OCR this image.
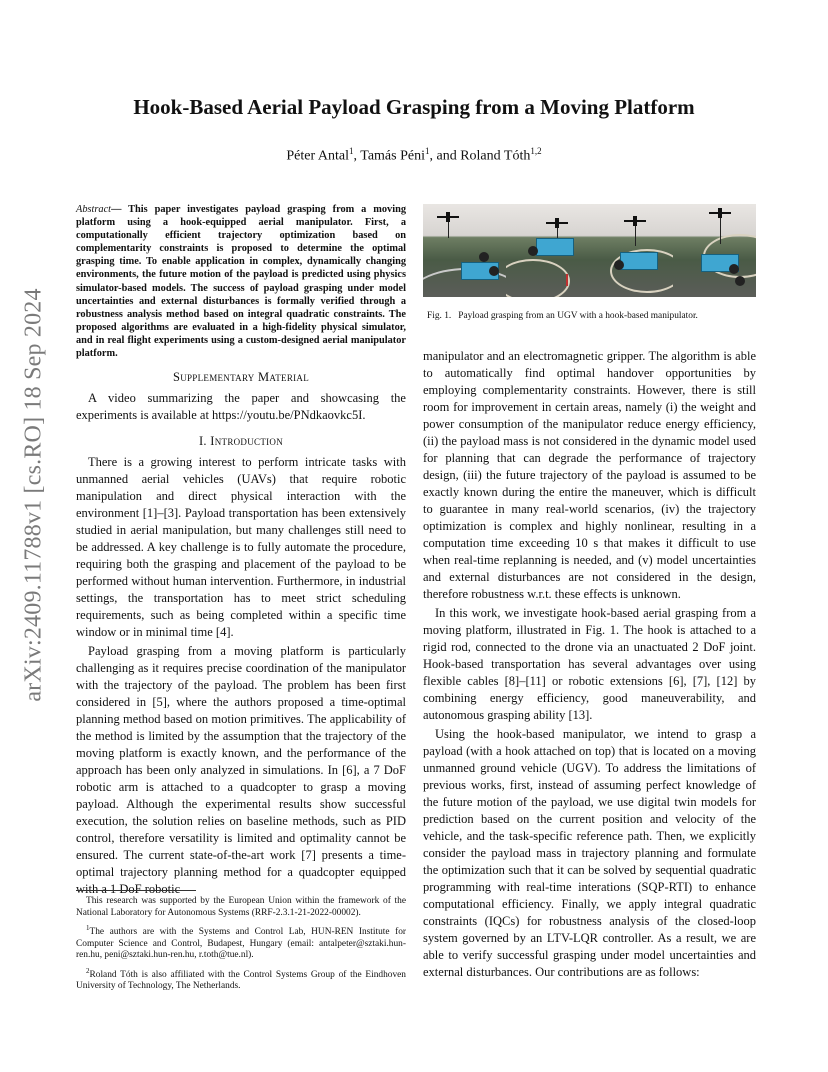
arXiv:2409.11788v1 [cs.RO] 18 Sep 2024
Hook-Based Aerial Payload Grasping from a Moving Platform
Péter Antal$^1$, Tamás Péni$^1$, and Roland Tóth$^{1,2}$

Abstract— This paper investigates payload grasping from a moving platform using a hook-equipped aerial manipulator. First, a computationally efficient trajectory optimization based on complementarity constraints is proposed to determine the optimal grasping time. To enable application in complex, dynamically changing environments, the future motion of the payload is predicted using physics simulator-based models. The success of payload grasping under model uncertainties and external disturbances is formally verified through a robustness analysis method based on integral quadratic constraints. The proposed algorithms are evaluated in a high-fidelity physical simulator, and in real flight experiments using a custom-designed aerial manipulator platform.

Supplementary Material

A video summarizing the paper and showcasing the experiments is available at https://youtu.be/PNdkaovkc5I.

I. Introduction

There is a growing interest to perform intricate tasks with unmanned aerial vehicles (UAVs) that require robotic manipulation and direct physical interaction with the environment [1]–[3]. Payload transportation has been extensively studied in aerial manipulation, but many challenges still need to be addressed. A key challenge is to fully automate the procedure, requiring both the grasping and placement of the payload to be performed without human intervention. Furthermore, in industrial settings, the transportation has to meet strict scheduling requirements, such as being completed within a specific time window or in minimal time [4].

Payload grasping from a moving platform is particularly challenging as it requires precise coordination of the manipulator with the trajectory of the payload. The problem has been first considered in [5], where the authors proposed a time-optimal planning method based on motion primitives. The applicability of the method is limited by the assumption that the trajectory of the moving platform is exactly known, and the performance of the approach has been only analyzed in simulations. In [6], a 7 DoF robotic arm is attached to a quadcopter to grasp a moving payload. Although the experimental results show successful execution, the solution relies on baseline methods, such as PID control, therefore versatility is limited and optimality cannot be ensured. The current state-of-the-art work [7] presents a time-optimal trajectory planning method for a quadcopter equipped with a 1 DoF robotic

This research was supported by the European Union within the framework of the National Laboratory for Autonomous Systems (RRF-2.3.1-21-2022-00002).

$^1$The authors are with the Systems and Control Lab, HUN-REN Institute for Computer Science and Control, Budapest, Hungary (email: antalpeter@sztaki.hun-ren.hu, peni@sztaki.hun-ren.hu, r.toth@tue.nl).

$^2$Roland Tóth is also affiliated with the Control Systems Group of the Eindhoven University of Technology, The Netherlands.

Fig. 1. Payload grasping from an UGV with a hook-based manipulator.

manipulator and an electromagnetic gripper. The algorithm is able to automatically find optimal handover opportunities by employing complementarity constraints. However, there is still room for improvement in certain areas, namely (i) the weight and power consumption of the manipulator reduce energy efficiency, (ii) the payload mass is not considered in the dynamic model used for planning that can degrade the performance of trajectory design, (iii) the future trajectory of the payload is assumed to be exactly known during the entire the maneuver, which is difficult to guarantee in many real-world scenarios, (iv) the trajectory optimization is complex and highly nonlinear, resulting in a computation time exceeding 10 s that makes it difficult to use when real-time replanning is needed, and (v) model uncertainties and external disturbances are not considered in the design, therefore robustness w.r.t. these effects is unknown.

In this work, we investigate hook-based aerial grasping from a moving platform, illustrated in Fig. 1. The hook is attached to a rigid rod, connected to the drone via an unactuated 2 DoF joint. Hook-based transportation has several advantages over using flexible cables [8]–[11] or robotic extensions [6], [7], [12] by combining energy efficiency, good maneuverability, and autonomous grasping ability [13].

Using the hook-based manipulator, we intend to grasp a payload (with a hook attached on top) that is located on a moving unmanned ground vehicle (UGV). To address the limitations of previous works, first, instead of assuming perfect knowledge of the future motion of the payload, we use digital twin models for prediction based on the current position and velocity of the vehicle, and the task-specific reference path. Then, we explicitly consider the payload mass in trajectory planning and formulate the optimization such that it can be solved by sequential quadratic programming with real-time interations (SQP-RTI) to enhance computational efficiency. Finally, we apply integral quadratic constraints (IQCs) for robustness analysis of the closed-loop system governed by an LTV-LQR controller. As a result, we are able to verify successful grasping under model uncertainties and external disturbances. Our contributions are as follows:
